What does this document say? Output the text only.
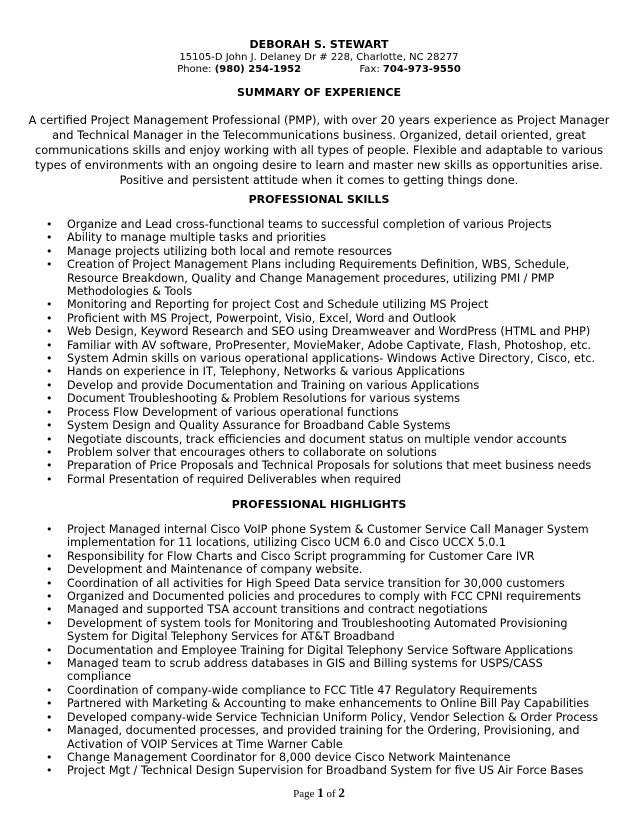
DEBORAH S. STEWART
15105-D John J. Delaney Dr # 228, Charlotte, NC 28277
Phone: (980) 254-1952	Fax: 704-973-9550
SUMMARY OF EXPERIENCE
A certified Project Management Professional (PMP), with over 20 years experience as Project Manager and Technical Manager in the Telecommunications business. Organized, detail oriented, great communications skills and enjoy working with all types of people. Flexible and adaptable to various types of environments with an ongoing desire to learn and master new skills as opportunities arise. Positive and persistent attitude when it comes to getting things done.
PROFESSIONAL SKILLS
• Organize and Lead cross-functional teams to successful completion of various Projects
• Ability to manage multiple tasks and priorities
• Manage projects utilizing both local and remote resources
• Creation of Project Management Plans including Requirements Definition, WBS, Schedule, Resource Breakdown, Quality and Change Management procedures, utilizing PMI / PMP Methodologies & Tools
• Monitoring and Reporting for project Cost and Schedule utilizing MS Project
• Proficient with MS Project, Powerpoint, Visio, Excel, Word and Outlook
• Web Design, Keyword Research and SEO using Dreamweaver and WordPress (HTML and PHP)
• Familiar with AV software, ProPresenter, MovieMaker, Adobe Captivate, Flash, Photoshop, etc.
• System Admin skills on various operational applications- Windows Active Directory, Cisco, etc.
• Hands on experience in IT, Telephony, Networks & various Applications
• Develop and provide Documentation and Training on various Applications
• Document Troubleshooting & Problem Resolutions for various systems
• Process Flow Development of various operational functions
• System Design and Quality Assurance for Broadband Cable Systems
• Negotiate discounts, track efficiencies and document status on multiple vendor accounts
• Problem solver that encourages others to collaborate on solutions
• Preparation of Price Proposals and Technical Proposals for solutions that meet business needs
• Formal Presentation of required Deliverables when required
PROFESSIONAL HIGHLIGHTS
• Project Managed internal Cisco VoIP phone System & Customer Service Call Manager System implementation for 11 locations, utilizing Cisco UCM 6.0 and Cisco UCCX 5.0.1
• Responsibility for Flow Charts and Cisco Script programming for Customer Care IVR
• Development and Maintenance of company website.
• Coordination of all activities for High Speed Data service transition for 30,000 customers
• Organized and Documented policies and procedures to comply with FCC CPNI requirements
• Managed and supported TSA account transitions and contract negotiations
• Development of system tools for Monitoring and Troubleshooting Automated Provisioning System for Digital Telephony Services for AT&T Broadband
• Documentation and Employee Training for Digital Telephony Service Software Applications
• Managed team to scrub address databases in GIS and Billing systems for USPS/CASS compliance
• Coordination of company-wide compliance to FCC Title 47 Regulatory Requirements
• Partnered with Marketing & Accounting to make enhancements to Online Bill Pay Capabilities
• Developed company-wide Service Technician Uniform Policy, Vendor Selection & Order Process
• Managed, documented processes, and provided training for the Ordering, Provisioning, and Activation of VOIP Services at Time Warner Cable
• Change Management Coordinator for 8,000 device Cisco Network Maintenance
• Project Mgt / Technical Design Supervision for Broadband System for five US Air Force Bases
Page 1 of 2
